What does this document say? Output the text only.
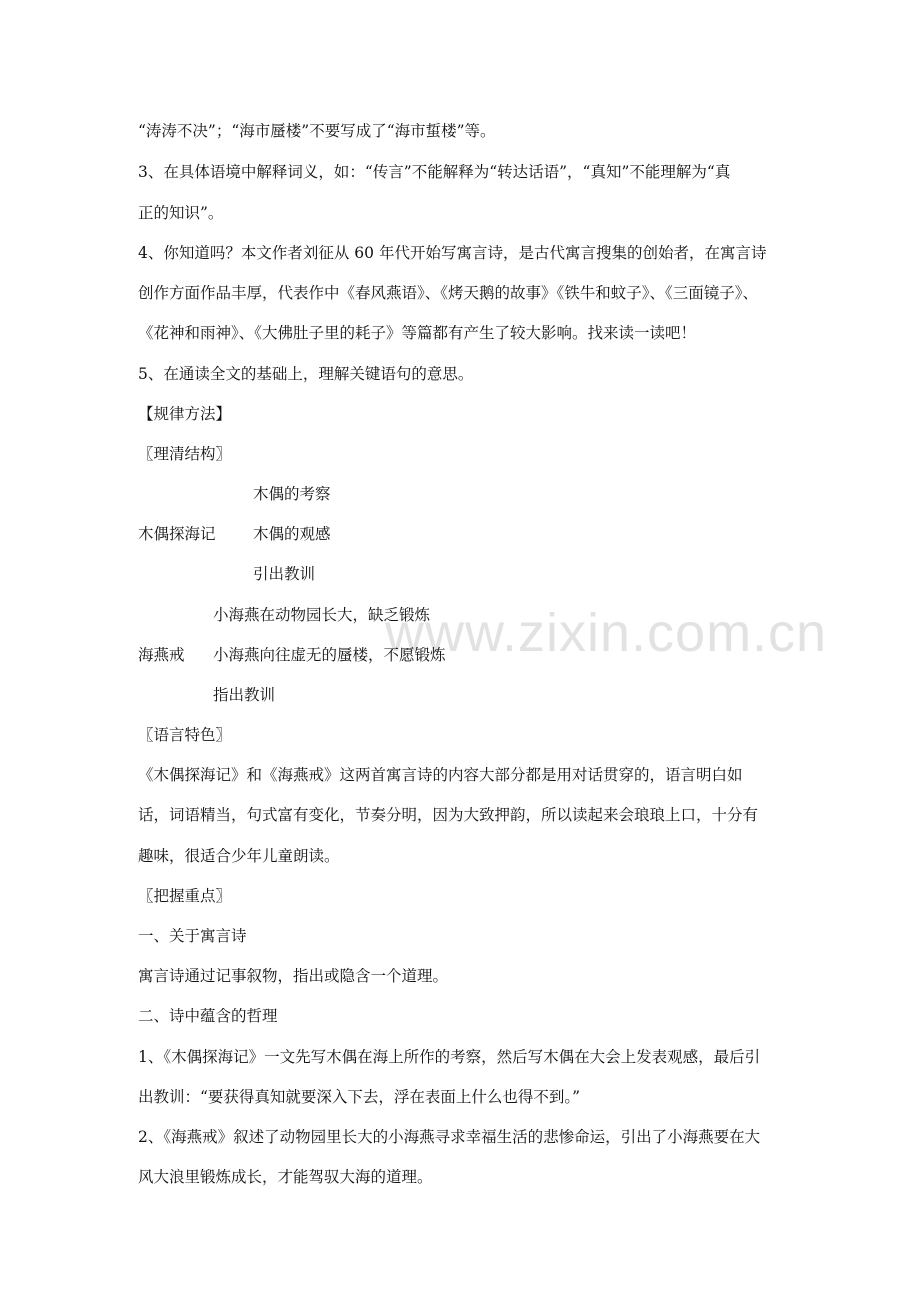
www.zixin.com.cn
“涛涛不决”；“海市蜃楼”不要写成了“海市蜇楼”等。
3、在具体语境中解释词义，如：“传言”不能解释为“转达话语”，“真知”不能理解为“真
正的知识”。
4、你知道吗？本文作者刘征从 60 年代开始写寓言诗，是古代寓言搜集的创始者，在寓言诗
创作方面作品丰厚，代表作中《春风燕语》、《烤天鹅的故事》《铁牛和蚊子》、《三面镜子》、
《花神和雨神》、《大佛肚子里的耗子》等篇都有产生了较大影响。找来读一读吧！
5、在通读全文的基础上，理解关键语句的意思。
【规律方法】
〖理清结构〗
木偶的考察
木偶探海记 木偶的观感
引出教训
小海燕在动物园长大，缺乏锻炼
海燕戒 小海燕向往虚无的蜃楼，不愿锻炼
指出教训
〖语言特色〗
《木偶探海记》和《海燕戒》这两首寓言诗的内容大部分都是用对话贯穿的，语言明白如
话，词语精当，句式富有变化，节奏分明，因为大致押韵，所以读起来会琅琅上口，十分有
趣味，很适合少年儿童朗读。
〖把握重点〗
一、关于寓言诗
寓言诗通过记事叙物，指出或隐含一个道理。
二、诗中蕴含的哲理
1、《木偶探海记》一文先写木偶在海上所作的考察，然后写木偶在大会上发表观感，最后引
出教训：“要获得真知就要深入下去，浮在表面上什么也得不到。”
2、《海燕戒》叙述了动物园里长大的小海燕寻求幸福生活的悲惨命运，引出了小海燕要在大
风大浪里锻炼成长，才能驾驭大海的道理。
